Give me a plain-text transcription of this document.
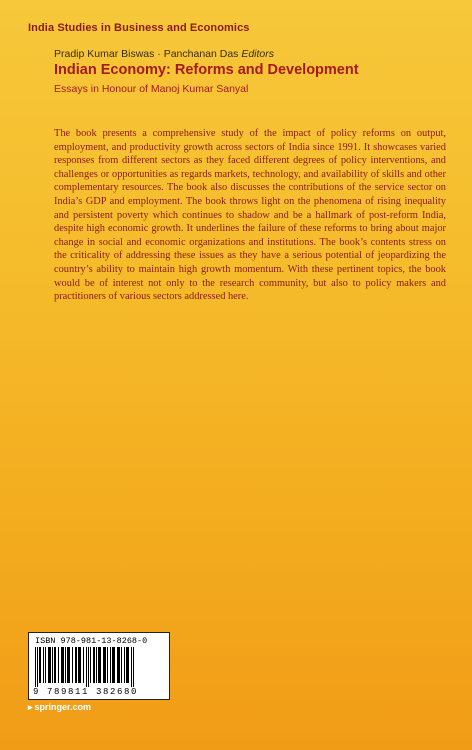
India Studies in Business and Economics
Pradip Kumar Biswas · Panchanan Das Editors
Indian Economy: Reforms and Development
Essays in Honour of Manoj Kumar Sanyal
The book presents a comprehensive study of the impact of policy reforms on output, employment, and productivity growth across sectors of India since 1991. It showcases varied responses from different sectors as they faced different degrees of policy interventions, and challenges or opportunities as regards markets, technology, and availability of skills and other complementary resources. The book also discusses the contributions of the service sector on India’s GDP and employment. The book throws light on the phenomena of rising inequality and persistent poverty which continues to shadow and be a hallmark of post-reform India, despite high economic growth. It underlines the failure of these reforms to bring about major change in social and economic organizations and institutions. The book’s contents stress on the criticality of addressing these issues as they have a serious potential of jeopardizing the country’s ability to maintain high growth momentum. With these pertinent topics, the book would be of interest not only to the research community, but also to policy makers and practitioners of various sectors addressed here.
ISBN 978-981-13-8268-0
9 789811 382680
▸ springer.com
